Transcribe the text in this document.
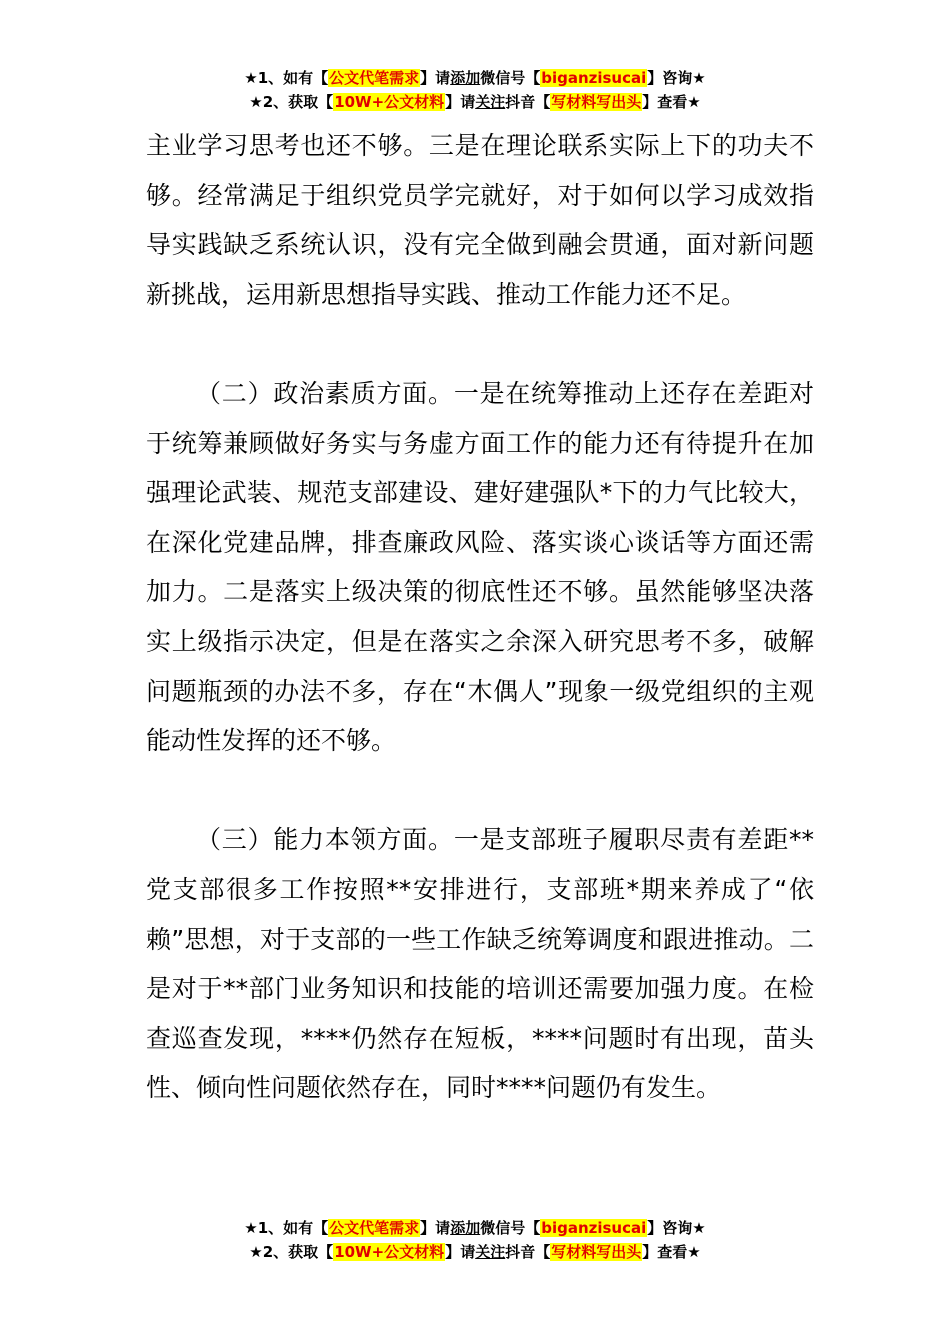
★1、如有【公文代笔需求】请添加微信号【biganzisucai】咨询★
★2、获取【10W+公文材料】请关注抖音【写材料写出头】查看★

主业学习思考也还不够。三是在理论联系实际上下的功夫不够。经常满足于组织党员学完就好，对于如何以学习成效指导实践缺乏系统认识，没有完全做到融会贯通，面对新问题新挑战，运用新思想指导实践、推动工作能力还不足。

（二）政治素质方面。一是在统筹推动上还存在差距对于统筹兼顾做好务实与务虚方面工作的能力还有待提升在加强理论武装、规范支部建设、建好建强队*下的力气比较大，在深化党建品牌，排查廉政风险、落实谈心谈话等方面还需加力。二是落实上级决策的彻底性还不够。虽然能够坚决落实上级指示决定，但是在落实之余深入研究思考不多，破解问题瓶颈的办法不多，存在“木偶人”现象一级党组织的主观能动性发挥的还不够。

（三）能力本领方面。一是支部班子履职尽责有差距**党支部很多工作按照**安排进行，支部班*期来养成了“依赖”思想，对于支部的一些工作缺乏统筹调度和跟进推动。二是对于**部门业务知识和技能的培训还需要加强力度。在检查巡查发现，****仍然存在短板，****问题时有出现，苗头性、倾向性问题依然存在，同时****问题仍有发生。

★1、如有【公文代笔需求】请添加微信号【biganzisucai】咨询★
★2、获取【10W+公文材料】请关注抖音【写材料写出头】查看★
